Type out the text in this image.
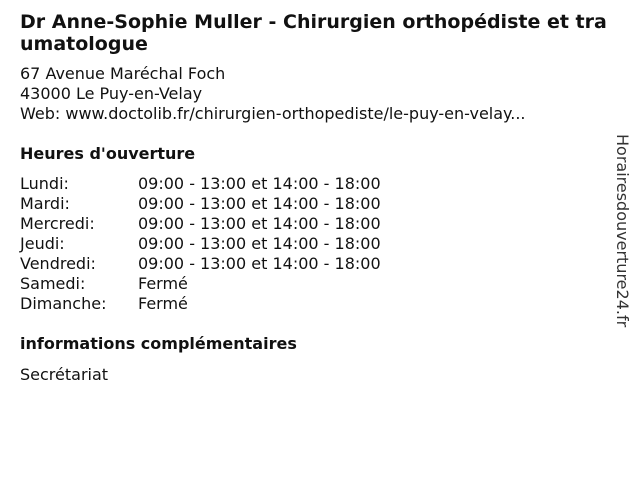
Dr Anne-Sophie Muller - Chirurgien orthopédiste et traumatologue
67 Avenue Maréchal Foch
43000 Le Puy-en-Velay
Web: www.doctolib.fr/chirurgien-orthopediste/le-puy-en-velay...
Heures d'ouverture
Lundi:	09:00 - 13:00 et 14:00 - 18:00
Mardi:	09:00 - 13:00 et 14:00 - 18:00
Mercredi:	09:00 - 13:00 et 14:00 - 18:00
Jeudi:	09:00 - 13:00 et 14:00 - 18:00
Vendredi:	09:00 - 13:00 et 14:00 - 18:00
Samedi:	Fermé
Dimanche:	Fermé
informations complémentaires
Secrétariat
Horairesdouverture24.fr
